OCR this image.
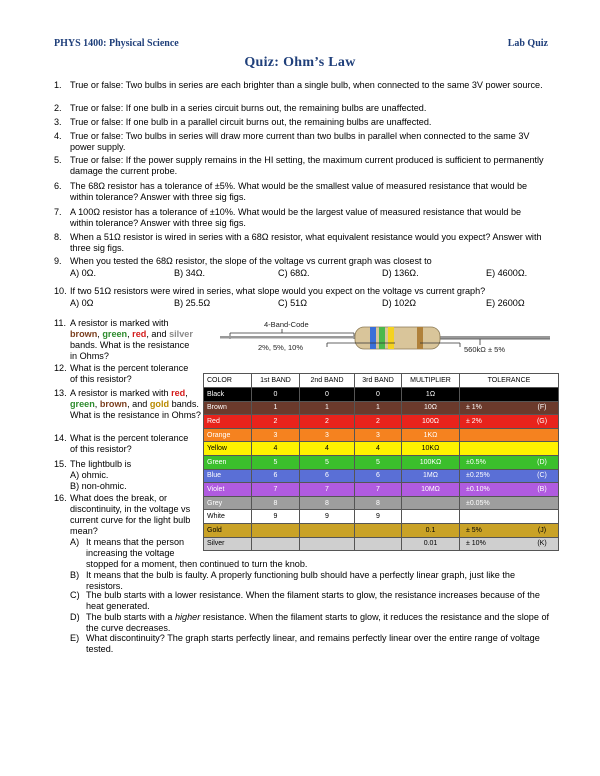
PHYS 1400: Physical Science	Lab Quiz
Quiz: Ohm’s Law
1. True or false: Two bulbs in series are each brighter than a single bulb, when connected to the same 3V power source.
2. True or false: If one bulb in a series circuit burns out, the remaining bulbs are unaffected.
3. True or false: If one bulb in a parallel circuit burns out, the remaining bulbs are unaffected.
4. True or false: Two bulbs in series will draw more current than two bulbs in parallel when connected to the same 3V power supply.
5. True or false: If the power supply remains in the HI setting, the maximum current produced is sufficient to permanently damage the current probe.
6. The 68Ω resistor has a tolerance of ±5%. What would be the smallest value of measured resistance that would be within tolerance? Answer with three sig figs.
7. A 100Ω resistor has a tolerance of ±10%. What would be the largest value of measured resistance that would be within tolerance? Answer with three sig figs.
8. When a 51Ω resistor is wired in series with a 68Ω resistor, what equivalent resistance would you expect? Answer with three sig figs.
9. When you tested the 68Ω resistor, the slope of the voltage vs current graph was closest to
A) 0Ω.	B) 34Ω.	C) 68Ω.	D) 136Ω.	E) 4600Ω.
10. If two 51Ω resistors were wired in series, what slope would you expect on the voltage vs current graph?
A) 0Ω	B) 25.5Ω	C) 51Ω	D) 102Ω	E) 2600Ω
11. A resistor is marked with brown, green, red, and silver bands. What is the resistance in Ohms?
12. What is the percent tolerance of this resistor?
13. A resistor is marked with red, green, brown, and gold bands. What is the resistance in Ohms?
14. What is the percent tolerance of this resistor?
15. The lightbulb is
A) ohmic.
B) non-ohmic.
16. What does the break, or discontinuity, in the voltage vs current curve for the light bulb mean?
A) It means that the person increasing the voltage
stopped for a moment, then continued to turn the knob.
B) It means that the bulb is faulty. A properly functioning bulb should have a perfectly linear graph, just like the resistors.
C) The bulb starts with a lower resistance. When the filament starts to glow, the resistance increases because of the heat generated.
D) The bulb starts with a higher resistance. When the filament starts to glow, it reduces the resistance and the slope of the curve decreases.
E) What discontinuity? The graph starts perfectly linear, and remains perfectly linear over the entire range of voltage tested.
4-Band-Code
2%, 5%, 10%	560kΩ ± 5%
COLOR	1st BAND	2nd BAND	3rd BAND	MULTIPLIER	TOLERANCE	
Black	0	0	0	1Ω		
Brown	1	1	1	10Ω	± 1%	(F)
Red	2	2	2	100Ω	± 2%	(G)
Orange	3	3	3	1KΩ		
Yellow	4	4	4	10KΩ		
Green	5	5	5	100KΩ	±0.5%	(D)
Blue	6	6	6	1MΩ	±0.25%	(C)
Violet	7	7	7	10MΩ	±0.10%	(B)
Grey	8	8	8		±0.05%	
White	9	9	9			
Gold				0.1	± 5%	(J)
Silver				0.01	± 10%	(K)
